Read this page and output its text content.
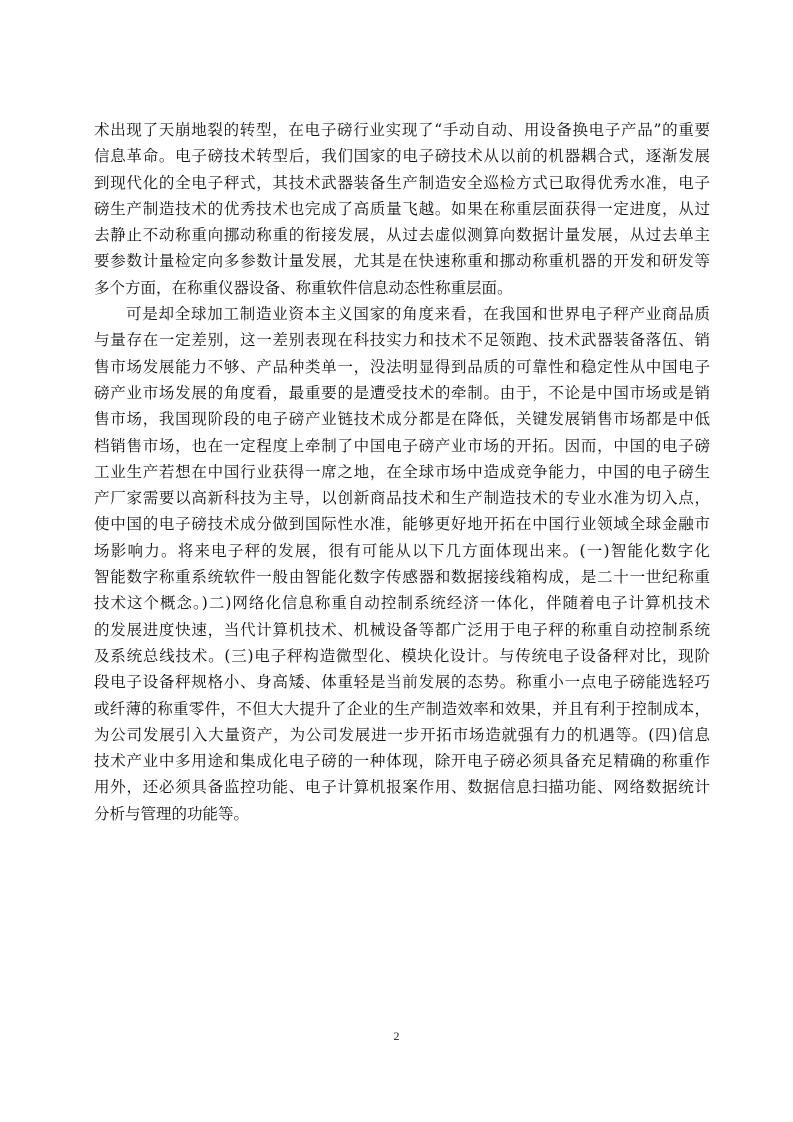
术出现了天崩地裂的转型，在电子磅行业实现了“手动自动、用设备换电子产品”的重要
信息革命。电子磅技术转型后，我们国家的电子磅技术从以前的机器耦合式，逐渐发展
到现代化的全电子秤式，其技术武器装备生产制造安全巡检方式已取得优秀水准，电子
磅生产制造技术的优秀技术也完成了高质量飞越。如果在称重层面获得一定进度，从过
去静止不动称重向挪动称重的衔接发展，从过去虚似测算向数据计量发展，从过去单主
要参数计量检定向多参数计量发展，尤其是在快速称重和挪动称重机器的开发和研发等
多个方面，在称重仪器设备、称重软件信息动态性称重层面。
可是却全球加工制造业资本主义国家的角度来看，在我国和世界电子秤产业商品质
与量存在一定差别，这一差别表现在科技实力和技术不足领跑、技术武器装备落伍、销
售市场发展能力不够、产品种类单一，没法明显得到品质的可靠性和稳定性从中国电子
磅产业市场发展的角度看，最重要的是遭受技术的牵制。由于，不论是中国市场或是销
售市场，我国现阶段的电子磅产业链技术成分都是在降低，关键发展销售市场都是中低
档销售市场，也在一定程度上牵制了中国电子磅产业市场的开拓。因而，中国的电子磅
工业生产若想在中国行业获得一席之地，在全球市场中造成竞争能力，中国的电子磅生
产厂家需要以高新科技为主导，以创新商品技术和生产制造技术的专业水准为切入点，
使中国的电子磅技术成分做到国际性水准，能够更好地开拓在中国行业领域全球金融市
场影响力。将来电子秤的发展，很有可能从以下几方面体现出来。(一)智能化数字化
智能数字称重系统软件一般由智能化数字传感器和数据接线箱构成，是二十一世纪称重
技术这个概念。)二)网络化信息称重自动控制系统经济一体化，伴随着电子计算机技术
的发展进度快速，当代计算机技术、机械设备等都广泛用于电子秤的称重自动控制系统
及系统总线技术。(三)电子秤构造微型化、模块化设计。与传统电子设备秤对比，现阶
段电子设备秤规格小、身高矮、体重轻是当前发展的态势。称重小一点电子磅能选轻巧
或纤薄的称重零件，不但大大提升了企业的生产制造效率和效果，并且有利于控制成本，
为公司发展引入大量资产，为公司发展进一步开拓市场造就强有力的机遇等。(四)信息
技术产业中多用途和集成化电子磅的一种体现，除开电子磅必须具备充足精确的称重作
用外，还必须具备监控功能、电子计算机报案作用、数据信息扫描功能、网络数据统计
分析与管理的功能等。
2
